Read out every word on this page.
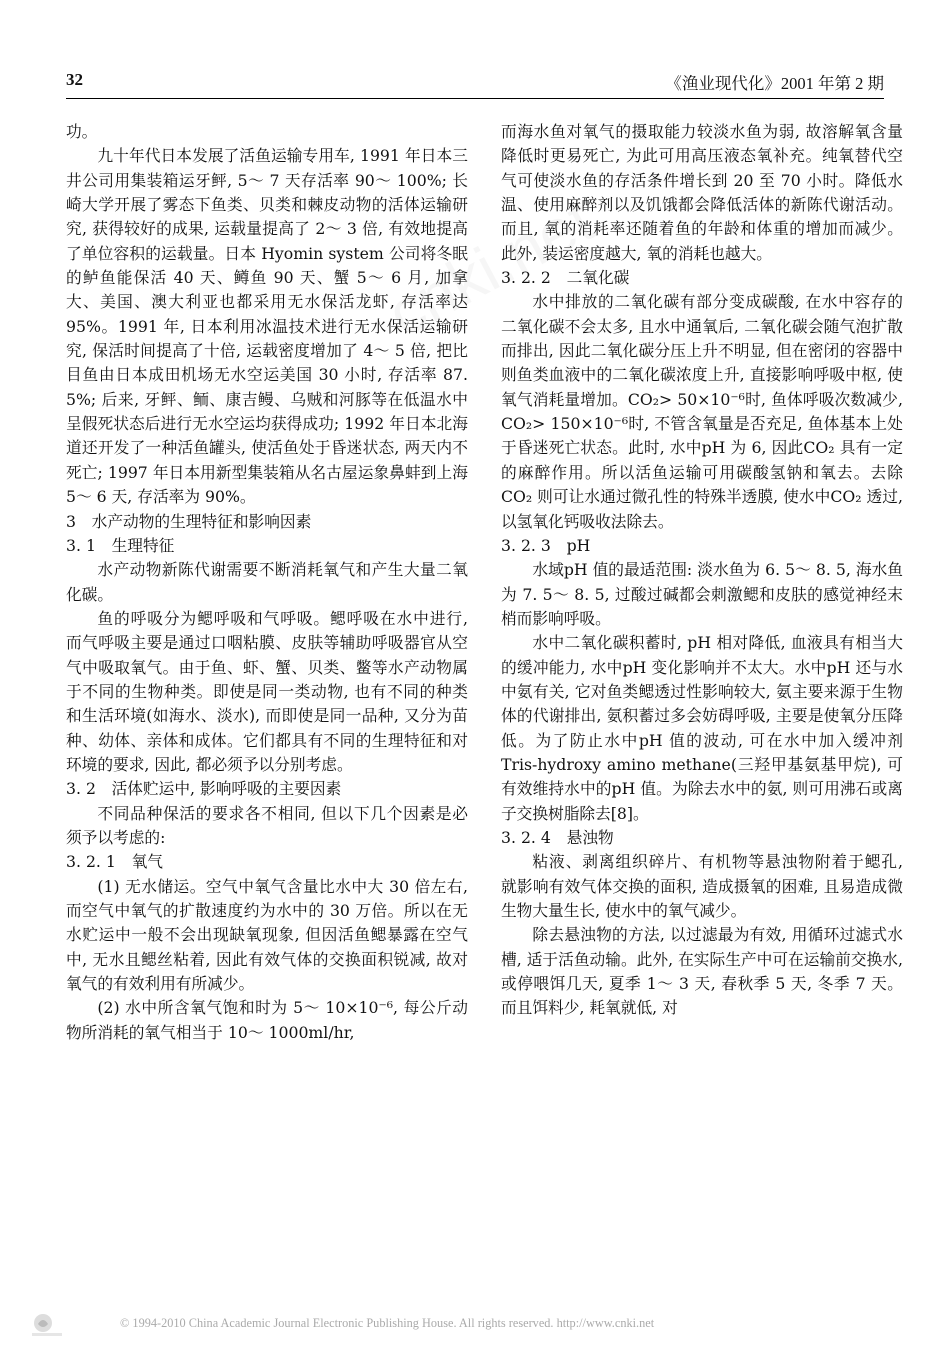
32	《渔业现代化》2001 年第 2 期

功。

九十年代日本发展了活鱼运输专用车, 1991 年日本三井公司用集装箱运牙鲆, 5～ 7 天存活率 90～ 100%; 长崎大学开展了雾态下鱼类、贝类和棘皮动物的活体运输研究, 获得较好的成果, 运载量提高了 2～ 3 倍, 有效地提高了单位容积的运载量。日本 Hyomin system 公司将冬眠的鲈鱼能保活 40 天、鳟鱼 90 天、蟹 5～ 6 月, 加拿大、美国、澳大利亚也都采用无水保活龙虾, 存活率达 95%。1991 年, 日本利用冰温技术进行无水保活运输研究, 保活时间提高了十倍, 运载密度增加了 4～ 5 倍, 把比目鱼由日本成田机场无水空运美国 30 小时, 存活率 87. 5%; 后来, 牙鲆、鲕、康吉鳗、乌贼和河豚等在低温水中呈假死状态后进行无水空运均获得成功; 1992 年日本北海道还开发了一种活鱼罐头, 使活鱼处于昏迷状态, 两天内不死亡; 1997 年日本用新型集装箱从名古屋运象鼻蚌到上海 5～ 6 天, 存活率为 90%。

3　水产动物的生理特征和影响因素

3. 1　生理特征

水产动物新陈代谢需要不断消耗氧气和产生大量二氧化碳。

鱼的呼吸分为鳃呼吸和气呼吸。鳃呼吸在水中进行, 而气呼吸主要是通过口咽粘膜、皮肤等辅助呼吸器官从空气中吸取氧气。由于鱼、虾、蟹、贝类、鳖等水产动物属于不同的生物种类。即使是同一类动物, 也有不同的种类和生活环境(如海水、淡水), 而即使是同一品种, 又分为苗种、幼体、亲体和成体。它们都具有不同的生理特征和对环境的要求, 因此, 都必须予以分别考虑。

3. 2　活体贮运中, 影响呼吸的主要因素

不同品种保活的要求各不相同, 但以下几个因素是必须予以考虑的:

3. 2. 1　氧气

(1) 无水储运。空气中氧气含量比水中大 30 倍左右, 而空气中氧气的扩散速度约为水中的 30 万倍。所以在无水贮运中一般不会出现缺氧现象, 但因活鱼鳃暴露在空气中, 无水且鳃丝粘着, 因此有效气体的交换面积锐减, 故对氧气的有效利用有所减少。

(2) 水中所含氧气饱和时为 5～ 10×10⁻⁶, 每公斤动物所消耗的氧气相当于 10～ 1000ml/hr,

而海水鱼对氧气的摄取能力较淡水鱼为弱, 故溶解氧含量降低时更易死亡, 为此可用高压液态氧补充。纯氧替代空气可使淡水鱼的存活条件增长到 20 至 70 小时。降低水温、使用麻醉剂以及饥饿都会降低活体的新陈代谢活动。而且, 氧的消耗率还随着鱼的年龄和体重的增加而减少。此外, 装运密度越大, 氧的消耗也越大。

3. 2. 2　二氧化碳

水中排放的二氧化碳有部分变成碳酸, 在水中容存的二氧化碳不会太多, 且水中通氧后, 二氧化碳会随气泡扩散而排出, 因此二氧化碳分压上升不明显, 但在密闭的容器中则鱼类血液中的二氧化碳浓度上升, 直接影响呼吸中枢, 使氧气消耗量增加。CO₂> 50×10⁻⁶时, 鱼体呼吸次数减少, CO₂> 150×10⁻⁶时, 不管含氧量是否充足, 鱼体基本上处于昏迷死亡状态。此时, 水中pH 为 6, 因此CO₂ 具有一定的麻醉作用。所以活鱼运输可用碳酸氢钠和氧去。去除CO₂ 则可让水通过微孔性的特殊半透膜, 使水中CO₂ 透过, 以氢氧化钙吸收法除去。

3. 2. 3　pH

水域pH 值的最适范围: 淡水鱼为 6. 5～ 8. 5, 海水鱼为 7. 5～ 8. 5, 过酸过碱都会刺激鳃和皮肤的感觉神经末梢而影响呼吸。

水中二氧化碳积蓄时, pH 相对降低, 血液具有相当大的缓冲能力, 水中pH 变化影响并不太大。水中pH 还与水中氨有关, 它对鱼类鳃透过性影响较大, 氨主要来源于生物体的代谢排出, 氨积蓄过多会妨碍呼吸, 主要是使氧分压降低。为了防止水中pH 值的波动, 可在水中加入缓冲剂 Tris-hydroxy amino methane(三羟甲基氨基甲烷), 可有效维持水中的pH 值。为除去水中的氨, 则可用沸石或离子交换树脂除去[8]。

3. 2. 4　悬浊物

粘液、剥离组织碎片、有机物等悬浊物附着于鳃孔, 就影响有效气体交换的面积, 造成摄氧的困难, 且易造成微生物大量生长, 使水中的氧气减少。

除去悬浊物的方法, 以过滤最为有效, 用循环过滤式水槽, 适于活鱼动输。此外, 在实际生产中可在运输前交换水, 或停喂饵几天, 夏季 1～ 3 天, 春秋季 5 天, 冬季 7 天。而且饵料少, 耗氧就低, 对

© 1994-2010 China Academic Journal Electronic Publishing House. All rights reserved. http://www.cnki.net
